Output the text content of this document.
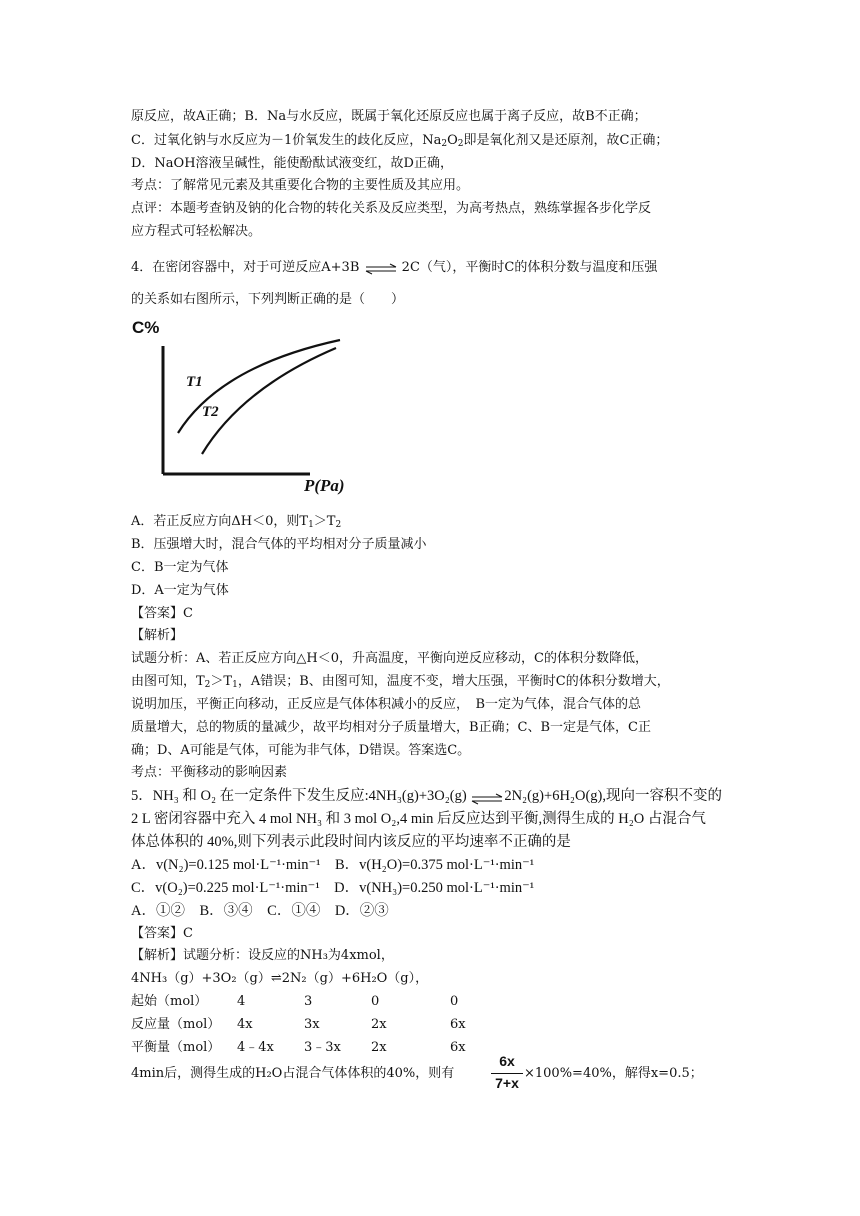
原反应，故A正确；B．Na与水反应，既属于氧化还原反应也属于离子反应，故B不正确；
C．过氧化钠与水反应为－1价氧发生的歧化反应，$Na_2O_2$即是氧化剂又是还原剂，故C正确；
D．NaOH溶液呈碱性，能使酚酞试液变红，故D正确，
考点：了解常见元素及其重要化合物的主要性质及其应用。
点评：本题考查钠及钠的化合物的转化关系及反应类型，为高考热点，熟练掌握各步化学反
应方程式可轻松解决。
4．在密闭容器中，对于可逆反应A+3B ⇌ 2C（气），平衡时C的体积分数与温度和压强
的关系如右图所示，下列判断正确的是（　　）
C%
P(Pa)
T1
T2
A．若正反应方向ΔH＜0，则$T_1>T_2$
B．压强增大时，混合气体的平均相对分子质量减小
C．B一定为气体
D．A一定为气体
【答案】C
【解析】
试题分析：A、若正反应方向△H＜0，升高温度，平衡向逆反应移动，C的体积分数降低，
由图可知，$T_2>T_1$，A错误；B、由图可知，温度不变，增大压强，平衡时C的体积分数增大，
说明加压，平衡正向移动，正反应是气体体积减小的反应，　B一定为气体，混合气体的总
质量增大，总的物质的量减少，故平均相对分子质量增大，B正确；C、B一定是气体，C正
确；D、A可能是气体，可能为非气体，D错误。答案选C。
考点：平衡移动的影响因素
5．NH₃ 和 O₂ 在一定条件下发生反应:4NH₃(g)+3O₂(g) ⇌2N₂(g)+6H₂O(g),现向一容积不变的
2 L 密闭容器中充入 4 mol NH₃ 和 3 mol O₂,4 min 后反应达到平衡,测得生成的 H₂O 占混合气
体总体积的 40%,则下列表示此段时间内该反应的平均速率不正确的是
A．v(N₂)=0.125 mol·L⁻¹·min⁻¹　B．v(H₂O)=0.375 mol·L⁻¹·min⁻¹
C．v(O₂)=0.225 mol·L⁻¹·min⁻¹　D．v(NH₃)=0.250 mol·L⁻¹·min⁻¹
A．①②　B．③④　C．①④　D．②③
【答案】C
【解析】试题分析：设反应的NH₃为4xmol，
4NH₃（g）+3O₂（g）⇌2N₂（g）+6H₂O（g），
起始（mol） 4	3	0	0
反应量（mol） 4x	3x	2x	6x
平衡量（mol） 4﹣4x 3﹣3x 2x	6x
4min后，测得生成的H₂O占混合气体体积的40%，则有
6x
7+x
×100%=40%，解得x=0.5；
